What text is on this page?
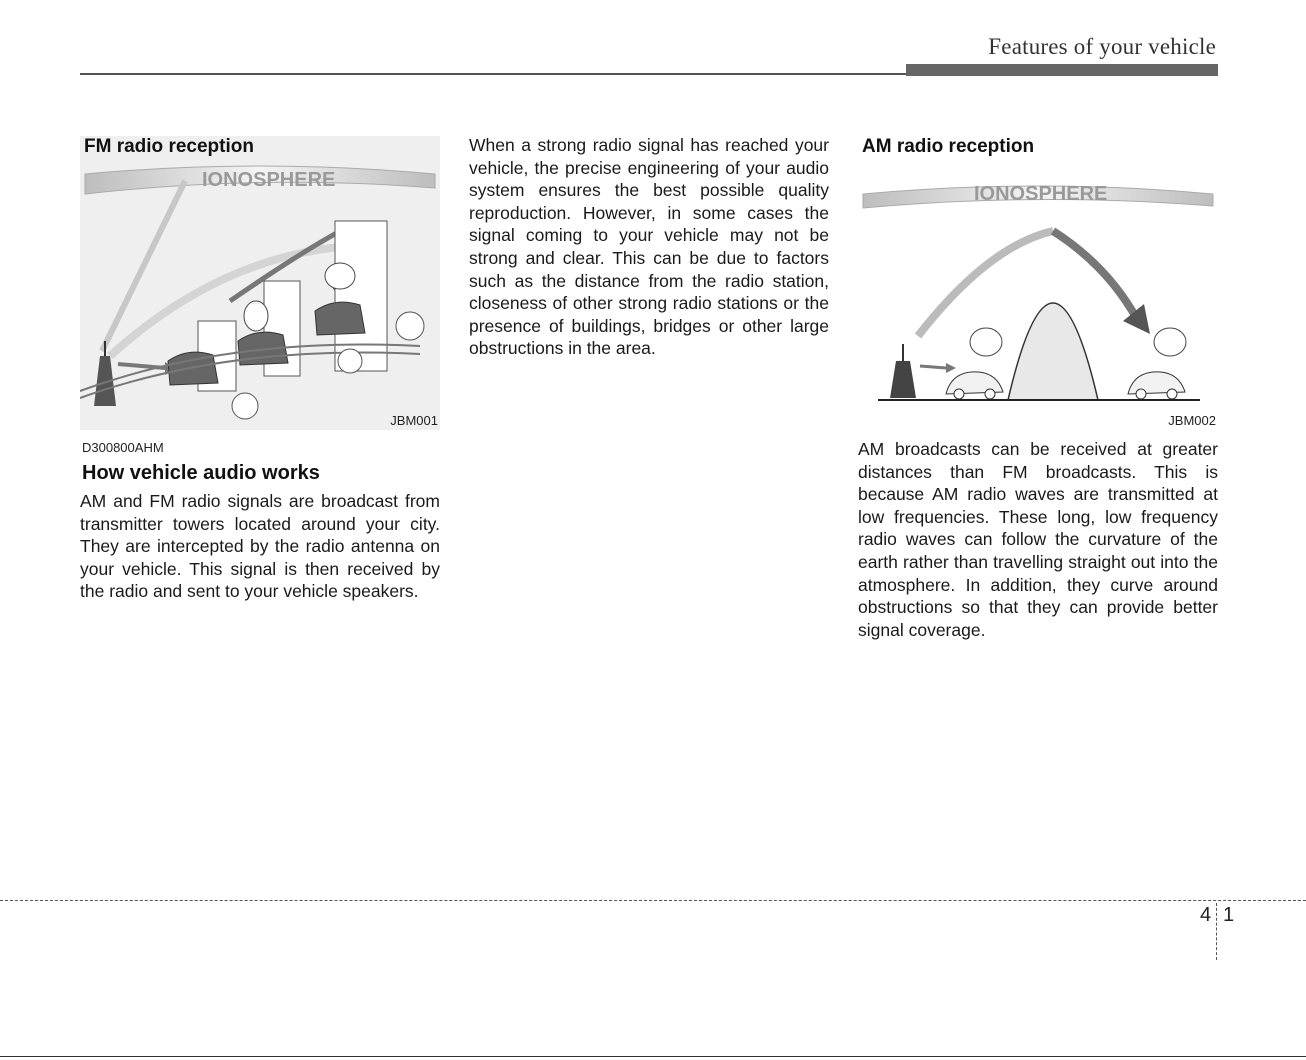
Features of your vehicle
IONOSPHERE
FM radio reception
JBM001
D300800AHM
How vehicle audio works
AM and FM radio signals are broadcast from transmitter towers located around your city. They are intercepted by the radio antenna on your vehicle. This signal is then received by the radio and sent to your vehicle speakers.
When a strong radio signal has reached your vehicle, the precise engineering of your audio system ensures the best possible quality reproduction. However, in some cases the signal coming to your vehicle may not be strong and clear. This can be due to factors such as the distance from the radio station, closeness of other strong radio stations or the presence of buildings, bridges or other large obstructions in the area.
IONOSPHERE
AM radio reception
JBM002
AM broadcasts can be received at greater distances than FM broadcasts. This is because AM radio waves are transmitted at low frequencies. These long, low frequency radio waves can follow the curvature of the earth rather than travelling straight out into the atmosphere. In addition, they curve around obstructions so that they can provide better signal coverage.
4 1
